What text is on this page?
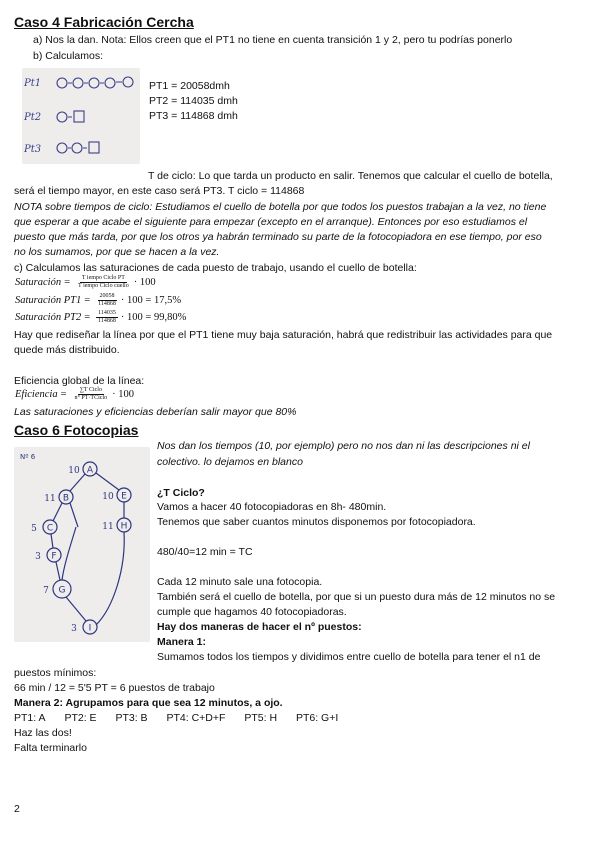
Caso 4 Fabricación Cercha
a) Nos la dan. Nota: Ellos creen que el PT1 no tiene en cuenta transición 1 y 2, pero tu podrías ponerlo
b) Calculamos:
Pt1
Pt2
Pt3
PT1 = 20058dmh
PT2 = 114035 dmh
PT3 = 114868 dmh
T de ciclo: Lo que tarda un producto en salir. Tenemos que calcular el cuello de botella,
será el tiempo mayor, en este caso será PT3. T ciclo = 114868
NOTA sobre tiempos de ciclo: Estudiamos el cuello de botella por que todos los puestos trabajan a la vez, no tiene
que esperar a que acabe el siguiente para empezar (excepto en el arranque). Entonces por eso estudiamos el
puesto que más tarda, por que los otros ya habrán terminado su parte de la fotocopiadora en ese tiempo, por eso
no los sumamos, por que se hacen a la vez.
c) Calculamos las saturaciones de cada puesto de trabajo, usando el cuello de botella:
Saturación = $\frac{\text{T iempo Ciclo PT}}{\text{T iempo Ciclo cuello}} \cdot 100$
Saturación $PT1 = \frac{20058}{114868} \cdot 100 = 17,5\%$
Saturación $PT2 = \frac{114035}{114868} \cdot 100 = 99,80\%$
Hay que rediseñar la línea por que el PT1 tiene muy baja saturación, habrá que redistribuir las actividades para que
quede más distribuido.
Eficiencia global de la línea:
Eficiencia = $\frac{\text{∑T Ciclo}}{\text{n° PT·TCiclo}} \cdot 100$
Las saturaciones y eficiencias deberían salir mayor que 80%
Caso 6 Fotocopias
A
10
B
11	E
10
C
5	H
11
F
3
G
7
I
3
Nº 6
Nos dan los tiempos (10, por ejemplo) pero no nos dan ni las descripciones ni el
colectivo. lo dejamos en blanco
¿T Ciclo?
Vamos a hacer 40 fotocopiadoras en 8h- 480min.
Tenemos que saber cuantos minutos disponemos por fotocopiadora.
480/40=12 min = TC
Cada 12 minuto sale una fotocopia.
También será el cuello de botella, por que si un puesto dura más de 12 minutos no se
cumple que hagamos 40 fotocopiadoras.
Hay dos maneras de hacer el nº puestos:
Manera 1:
Sumamos todos los tiempos y dividimos entre cuello de botella para tener el n1 de
puestos mínimos:
66 min / 12 = 5'5 PT = 6 puestos de trabajo
Manera 2: Agrupamos para que sea 12 minutos, a ojo.
PT1: A PT2: E PT3: B PT4: C+D+F PT5: H PT6: G+I
Haz las dos!
Falta terminarlo
2
